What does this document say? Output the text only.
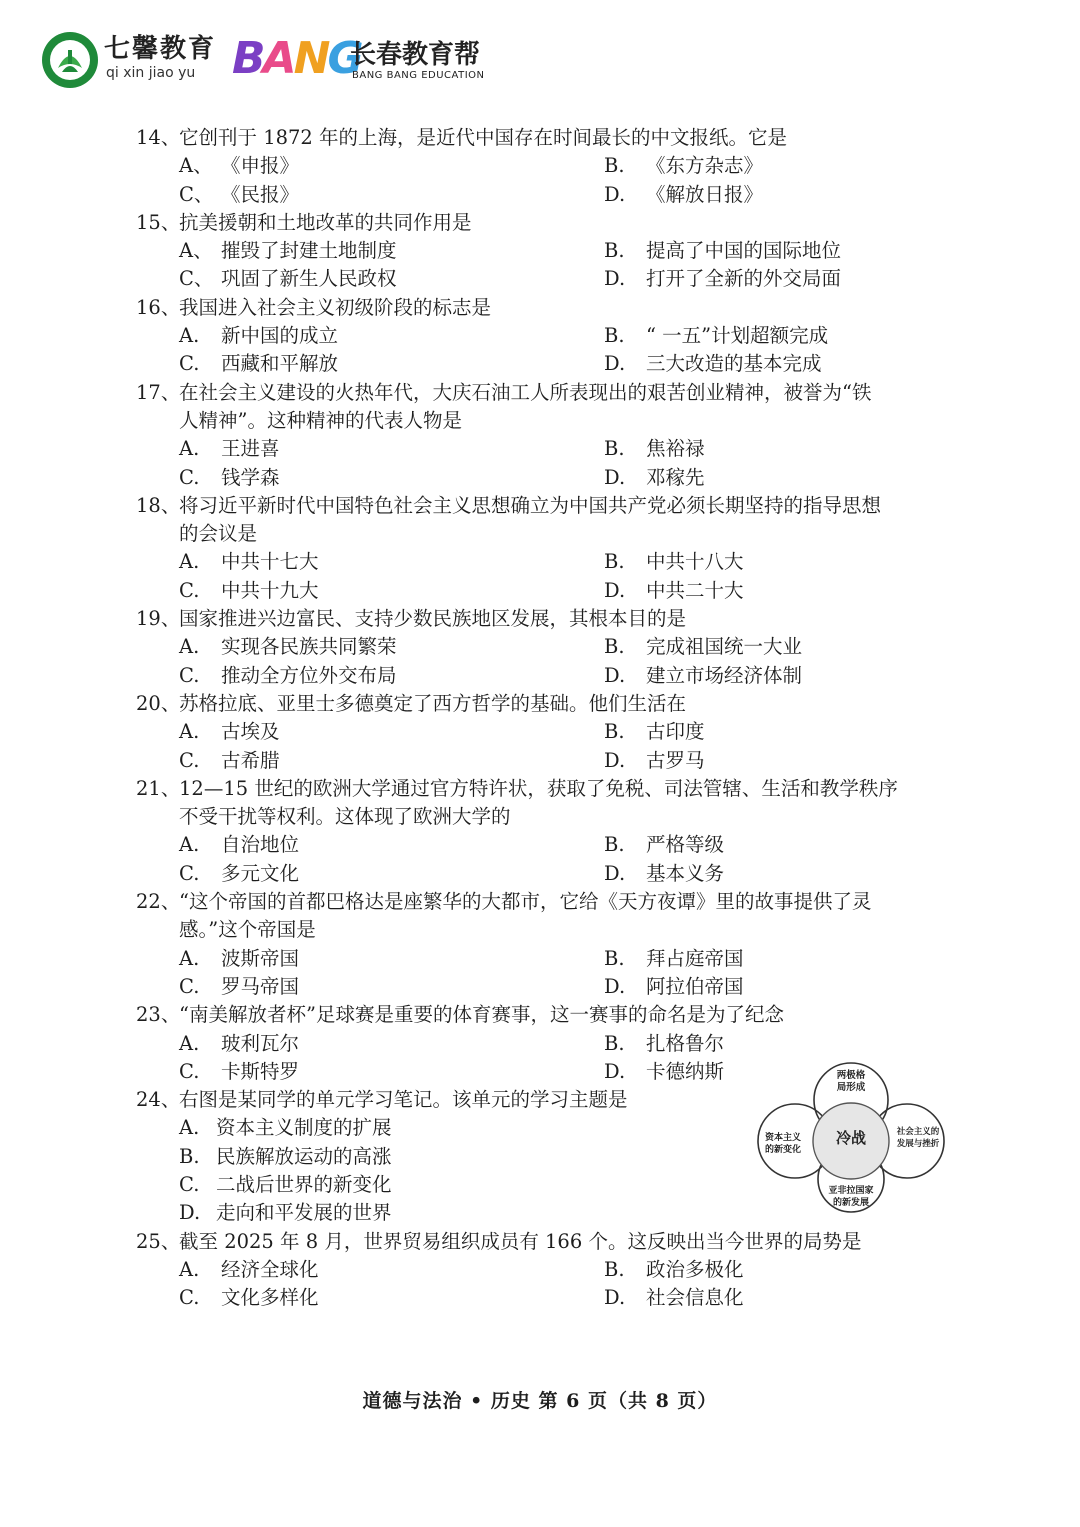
七馨教育
qi xin jiao yu BANG
长春教育帮
BANG BANG EDUCATION
14、它创刊于 1872 年的上海，是近代中国存在时间最长的中文报纸。它是
A、 《申报》	B. 《东方杂志》
C、 《民报》	D. 《解放日报》
15、抗美援朝和土地改革的共同作用是
A、 摧毁了封建土地制度	B. 提高了中国的国际地位
C、 巩固了新生人民政权	D. 打开了全新的外交局面
16、我国进入社会主义初级阶段的标志是
A. 新中国的成立	B. “ 一五”计划超额完成
C. 西藏和平解放	D. 三大改造的基本完成
17、在社会主义建设的火热年代，大庆石油工人所表现出的艰苦创业精神，被誉为“铁
人精神”。这种精神的代表人物是
A. 王进喜	B. 焦裕禄
C. 钱学森	D. 邓稼先
18、将习近平新时代中国特色社会主义思想确立为中国共产党必须长期坚持的指导思想
的会议是
A. 中共十七大	B. 中共十八大
C. 中共十九大	D. 中共二十大
19、国家推进兴边富民、支持少数民族地区发展，其根本目的是
A. 实现各民族共同繁荣	B. 完成祖国统一大业
C. 推动全方位外交布局	D. 建立市场经济体制
20、苏格拉底、亚里士多德奠定了西方哲学的基础。他们生活在
A. 古埃及	B. 古印度
C. 古希腊	D. 古罗马
21、12—15 世纪的欧洲大学通过官方特许状，获取了免税、司法管辖、生活和教学秩序
不受干扰等权利。这体现了欧洲大学的
A. 自治地位	B. 严格等级
C. 多元文化	D. 基本义务
22、“这个帝国的首都巴格达是座繁华的大都市，它给《天方夜谭》里的故事提供了灵
感。”这个帝国是
A. 波斯帝国	B. 拜占庭帝国
C. 罗马帝国	D. 阿拉伯帝国
23、“南美解放者杯”足球赛是重要的体育赛事，这一赛事的命名是为了纪念
A. 玻利瓦尔	B. 扎格鲁尔
C. 卡斯特罗	D. 卡德纳斯
24、右图是某同学的单元学习笔记。该单元的学习主题是
A. 资本主义制度的扩展
B. 民族解放运动的高涨
C. 二战后世界的新变化
D. 走向和平发展的世界
25、截至 2025 年 8 月，世界贸易组织成员有 166 个。这反映出当今世界的局势是
A. 经济全球化	B. 政治多极化
C. 文化多样化	D. 社会信息化
冷战
两极格
局形成
资本主义
的新变化
社会主义的
发展与挫折
亚非拉国家
的新发展
道德与法治 • 历史 第 6 页（共 8 页）
